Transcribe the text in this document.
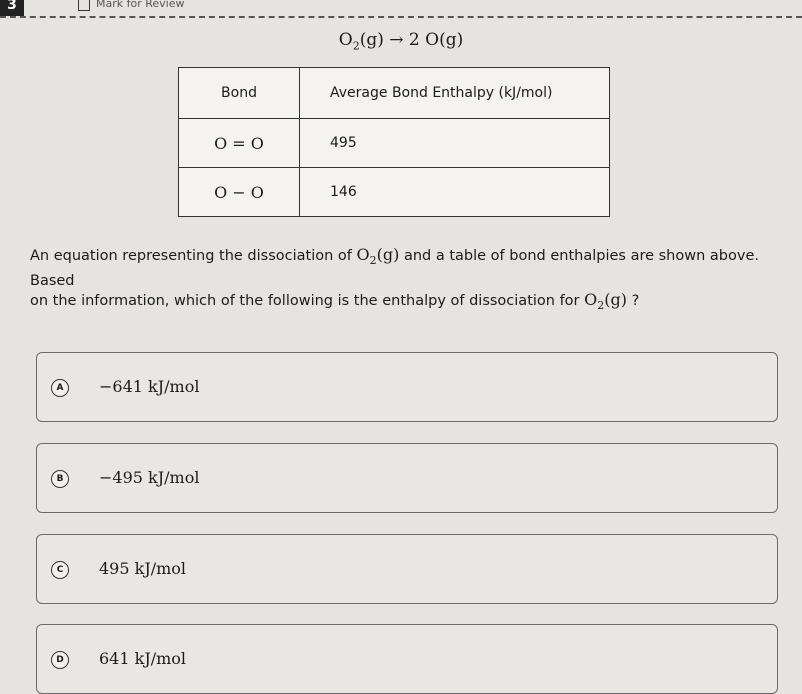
3	Mark for Review
$O_2(g) \to 2$ O(g)
Bond	Average Bond Enthalpy (kJ/mol)
O = O	495
O − O	146
An equation representing the dissociation of $O_2(g)$ and a table of bond enthalpies are shown above. Based
on the information, which of the following is the enthalpy of dissociation for $O_2(g)$ ?
A	−641 kJ/mol
B	−495 kJ/mol
C	495 kJ/mol
D	641 kJ/mol
